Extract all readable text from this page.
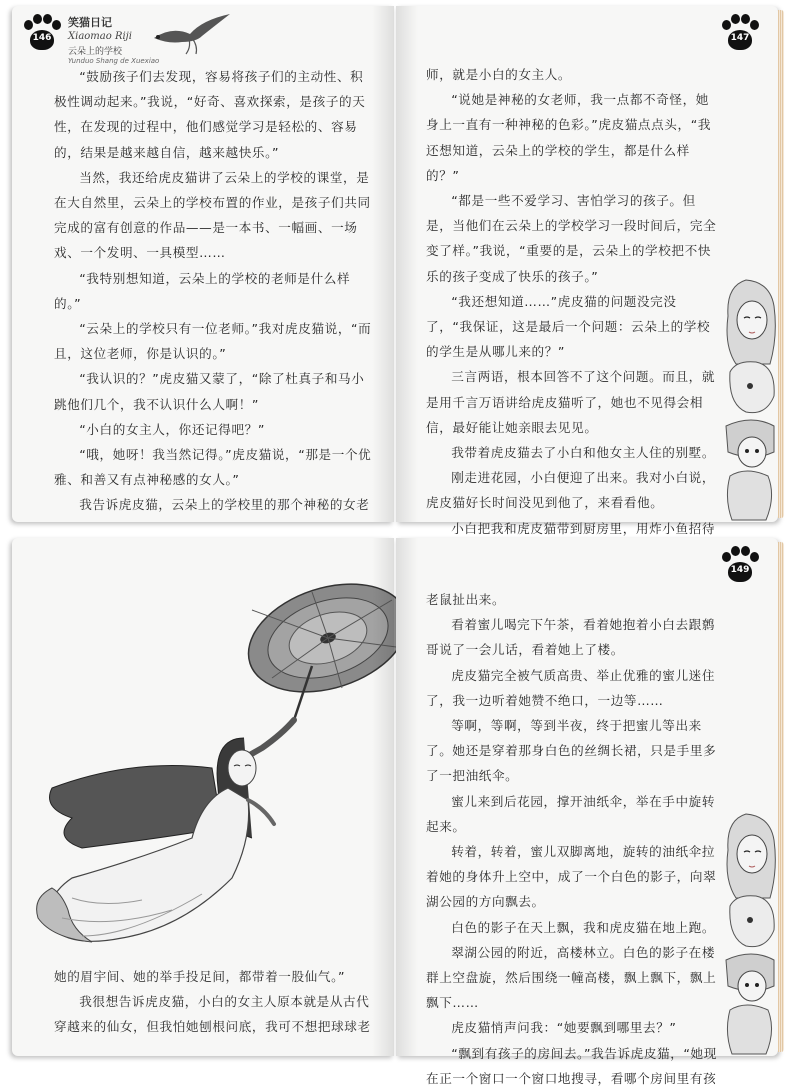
146
笑猫日记
Xiaomao Riji
云朵上的学校
Yunduo Shang de Xuexiao

“鼓励孩子们去发现，容易将孩子们的主动性、积极性调动起来。”我说，“好奇、喜欢探索，是孩子的天性，在发现的过程中，他们感觉学习是轻松的、容易的，结果是越来越自信，越来越快乐。”

当然，我还给虎皮猫讲了云朵上的学校的课堂，是在大自然里，云朵上的学校布置的作业，是孩子们共同完成的富有创意的作品——是一本书、一幅画、一场戏、一个发明、一具模型……

“我特别想知道，云朵上的学校的老师是什么样的。”

“云朵上的学校只有一位老师。”我对虎皮猫说，“而且，这位老师，你是认识的。”

“我认识的？”虎皮猫又蒙了，“除了杜真子和马小跳他们几个，我不认识什么人啊！”

“小白的女主人，你还记得吧？”

“哦，她呀！我当然记得。”虎皮猫说，“那是一个优雅、和善又有点神秘感的女人。”

我告诉虎皮猫，云朵上的学校里的那个神秘的女老

147

师，就是小白的女主人。

“说她是神秘的女老师，我一点都不奇怪，她身上一直有一种神秘的色彩。”虎皮猫点点头，“我还想知道，云朵上的学校的学生，都是什么样的？”

“都是一些不爱学习、害怕学习的孩子。但是，当他们在云朵上的学校学习一段时间后，完全变了样。”我说，“重要的是，云朵上的学校把不快乐的孩子变成了快乐的孩子。”

“我还想知道……”虎皮猫的问题没完没了，“我保证，这是最后一个问题：云朵上的学校的学生是从哪儿来的？”

三言两语，根本回答不了这个问题。而且，就是用千言万语讲给虎皮猫听了，她也不见得会相信，最好能让她亲眼去见见。

我带着虎皮猫去了小白和他女主人住的别墅。

刚走进花园，小白便迎了出来。我对小白说，虎皮猫好长时间没见到他了，来看看他。

小白把我和虎皮猫带到厨房里，用炸小鱼招待

她的眉宇间、她的举手投足间，都带着一股仙气。”

我很想告诉虎皮猫，小白的女主人原本就是从古代穿越来的仙女，但我怕她刨根问底，我可不想把球球老

149

老鼠扯出来。

看着蜜儿喝完下午茶，看着她抱着小白去跟鹩哥说了一会儿话，看着她上了楼。

虎皮猫完全被气质高贵、举止优雅的蜜儿迷住了，我一边听着她赞不绝口，一边等……

等啊，等啊，等到半夜，终于把蜜儿等出来了。她还是穿着那身白色的丝绸长裙，只是手里多了一把油纸伞。

蜜儿来到后花园，撑开油纸伞，举在手中旋转起来。

转着，转着，蜜儿双脚离地，旋转的油纸伞拉着她的身体升上空中，成了一个白色的影子，向翠湖公园的方向飘去。

白色的影子在天上飘，我和虎皮猫在地上跑。

翠湖公园的附近，高楼林立。白色的影子在楼群上空盘旋，然后围绕一幢高楼，飘上飘下，飘上飘下……

虎皮猫悄声问我：“她要飘到哪里去？”

“飘到有孩子的房间去。”我告诉虎皮猫，“她现在正一个窗口一个窗口地搜寻，看哪个房间里有孩
